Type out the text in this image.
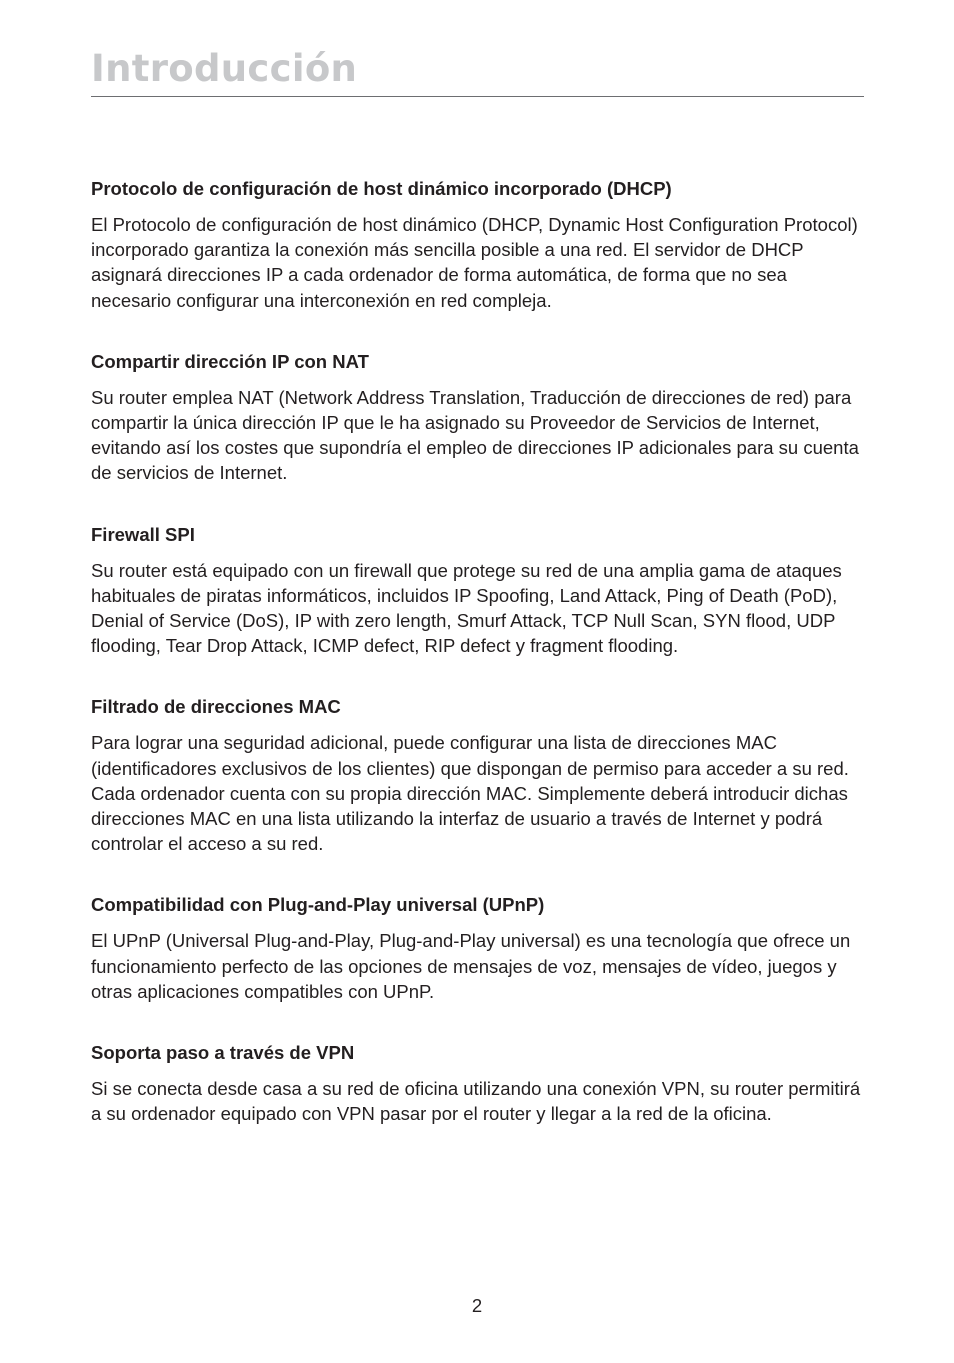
Introducción
Protocolo de configuración de host dinámico incorporado (DHCP)

El Protocolo de configuración de host dinámico (DHCP, Dynamic Host Configuration Protocol) incorporado garantiza la conexión más sencilla posible a una red. El servidor de DHCP asignará direcciones IP a cada ordenador de forma automática, de forma que no sea necesario configurar una interconexión en red compleja.

Compartir dirección IP con NAT

Su router emplea NAT (Network Address Translation, Traducción de direcciones de red) para compartir la única dirección IP que le ha asignado su Proveedor de Servicios de Internet, evitando así los costes que supondría el empleo de direcciones IP adicionales para su cuenta de servicios de Internet.

Firewall SPI

Su router está equipado con un firewall que protege su red de una amplia gama de ataques habituales de piratas informáticos, incluidos IP Spoofing, Land Attack, Ping of Death (PoD), Denial of Service (DoS), IP with zero length, Smurf Attack, TCP Null Scan, SYN flood, UDP flooding, Tear Drop Attack, ICMP defect, RIP defect y fragment flooding.

Filtrado de direcciones MAC

Para lograr una seguridad adicional, puede configurar una lista de direcciones MAC (identificadores exclusivos de los clientes) que dispongan de permiso para acceder a su red. Cada ordenador cuenta con su propia dirección MAC. Simplemente deberá introducir dichas direcciones MAC en una lista utilizando la interfaz de usuario a través de Internet y podrá controlar el acceso a su red.

Compatibilidad con Plug-and-Play universal (UPnP)

El UPnP (Universal Plug-and-Play, Plug-and-Play universal) es una tecnología que ofrece un funcionamiento perfecto de las opciones de mensajes de voz, mensajes de vídeo, juegos y otras aplicaciones compatibles con UPnP.

Soporta paso a través de VPN

Si se conecta desde casa a su red de oficina utilizando una conexión VPN, su router permitirá a su ordenador equipado con VPN pasar por el router y llegar a la red de la oficina.

2
